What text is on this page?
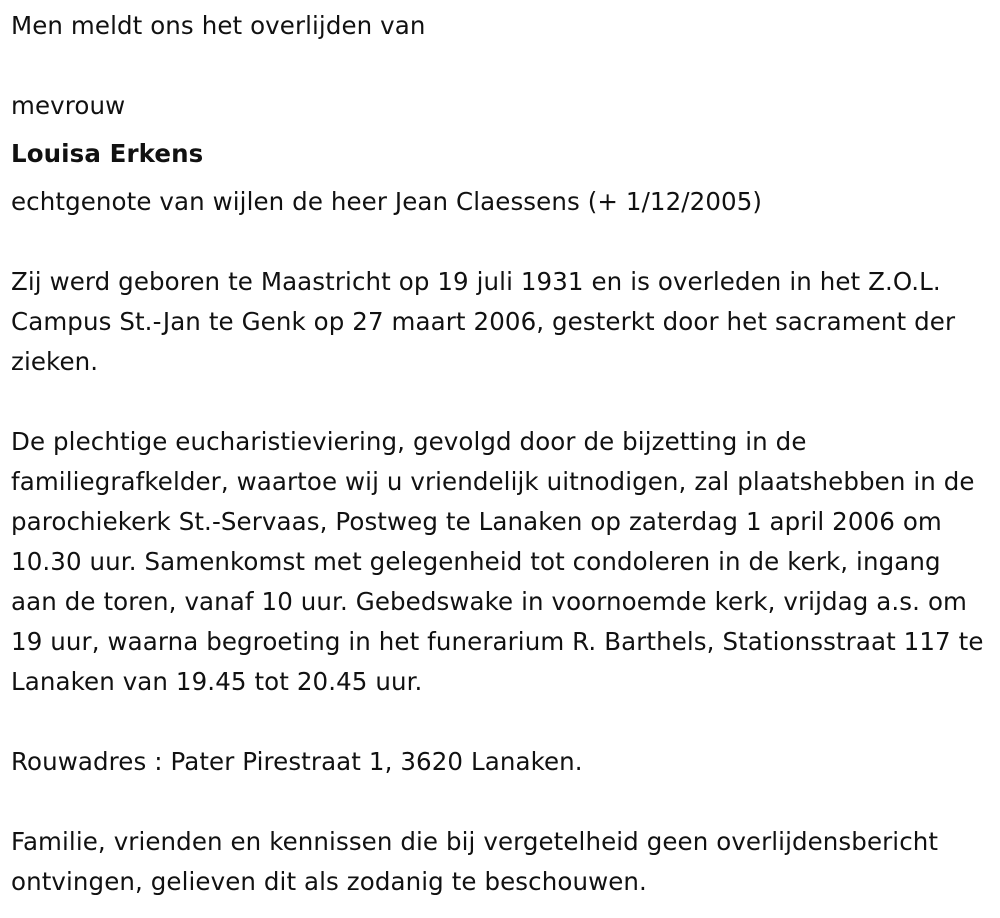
Men meldt ons het overlijden van

mevrouw

Louisa Erkens

echtgenote van wijlen de heer Jean Claessens (+ 1/12/2005)

Zij werd geboren te Maastricht op 19 juli 1931 en is overleden in het Z.O.L. Campus St.-Jan te Genk op 27 maart 2006, gesterkt door het sacrament der zieken.

De plechtige eucharistieviering, gevolgd door de bijzetting in de familiegrafkelder, waartoe wij u vriendelijk uitnodigen, zal plaatshebben in de parochiekerk St.-Servaas, Postweg te Lanaken op zaterdag 1 april 2006 om 10.30 uur. Samenkomst met gelegenheid tot condoleren in de kerk, ingang aan de toren, vanaf 10 uur. Gebedswake in voornoemde kerk, vrijdag a.s. om 19 uur, waarna begroeting in het funerarium R. Barthels, Stationsstraat 117 te Lanaken van 19.45 tot 20.45 uur.

Rouwadres : Pater Pirestraat 1, 3620 Lanaken.

Familie, vrienden en kennissen die bij vergetelheid geen overlijdensbericht ontvingen, gelieven dit als zodanig te beschouwen.
